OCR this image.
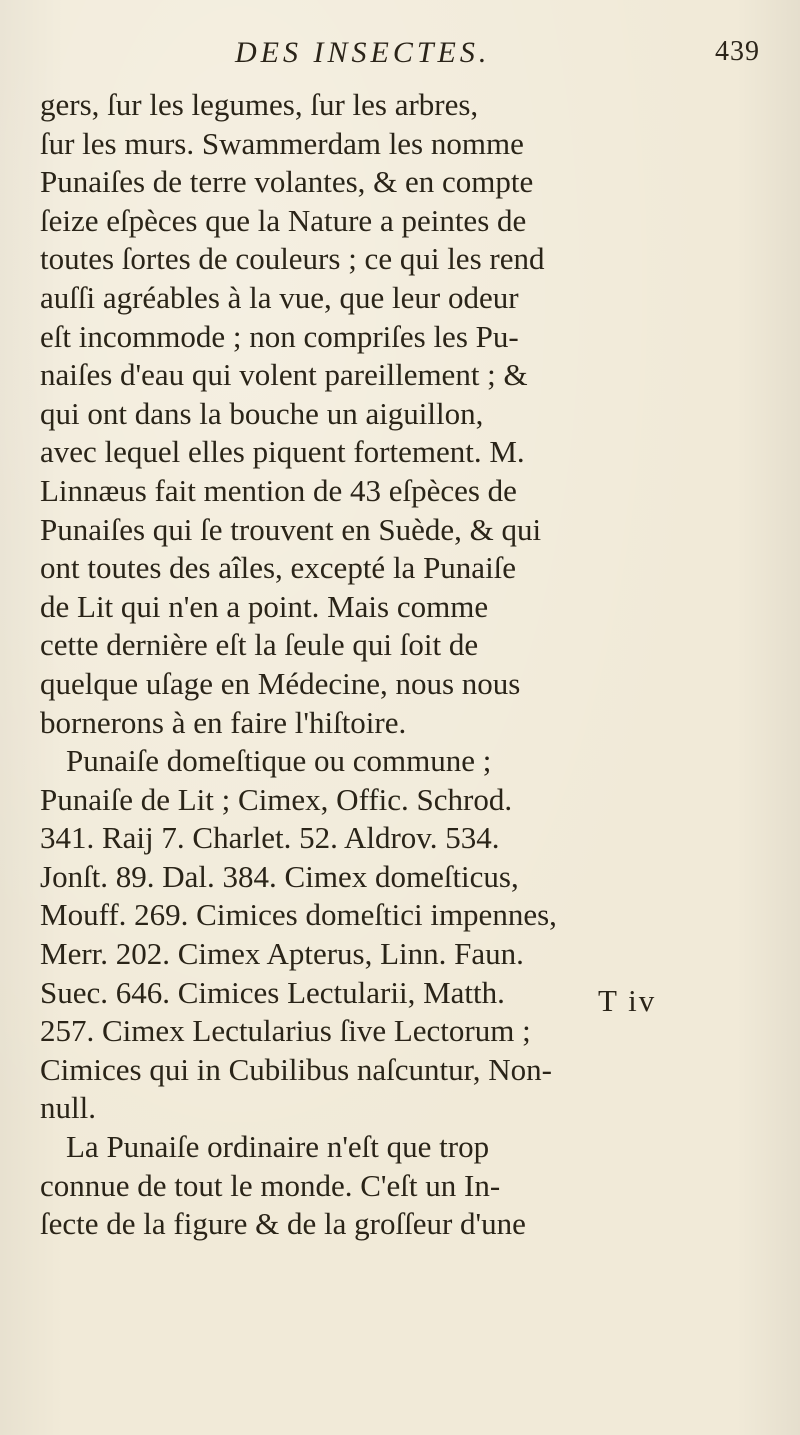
DES INSECTES.	439
gers, ſur les legumes, ſur les arbres,
ſur les murs. Swammerdam les nomme
Punaiſes de terre volantes, & en compte
ſeize eſpèces que la Nature a peintes de
toutes ſortes de couleurs ; ce qui les rend
auſſi agréables à la vue, que leur odeur
eſt incommode ; non compriſes les Pu-
naiſes d'eau qui volent pareillement ; &
qui ont dans la bouche un aiguillon,
avec lequel elles piquent fortement. M.
Linnæus fait mention de 43 eſpèces de
Punaiſes qui ſe trouvent en Suède, & qui
ont toutes des aîles, excepté la Punaiſe
de Lit qui n'en a point. Mais comme
cette dernière eſt la ſeule qui ſoit de
quelque uſage en Médecine, nous nous
bornerons à en faire l'hiſtoire.
Punaiſe domeſtique ou commune ;
Punaiſe de Lit ; Cimex, Offic. Schrod.
341. Raij 7. Charlet. 52. Aldrov. 534.
Jonſt. 89. Dal. 384. Cimex domeſticus,
Mouff. 269. Cimices domeſtici impennes,
Merr. 202. Cimex Apterus, Linn. Faun.
Suec. 646. Cimices Lectularii, Matth.
257. Cimex Lectularius ſive Lectorum ;
Cimices qui in Cubilibus naſcuntur, Non-
null.
La Punaiſe ordinaire n'eſt que trop
connue de tout le monde. C'eſt un In-
ſecte de la figure & de la groſſeur d'une
T iv
